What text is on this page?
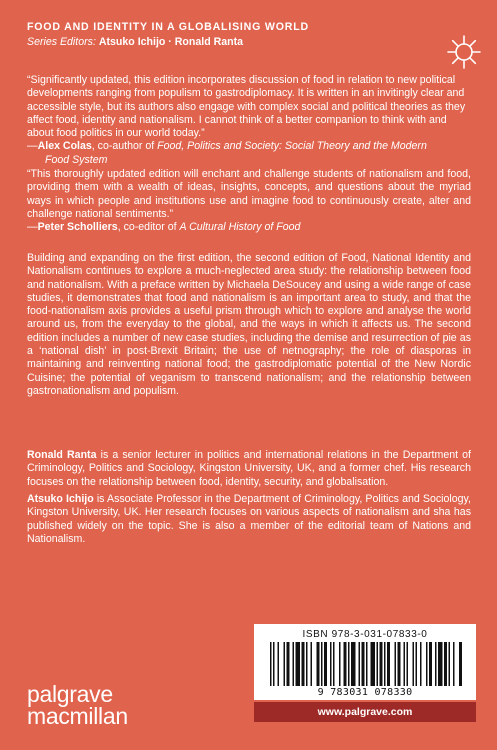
FOOD AND IDENTITY IN A GLOBALISING WORLD
Series Editors: Atsuko Ichijo · Ronald Ranta
“Significantly updated, this edition incorporates discussion of food in relation to new political developments ranging from populism to gastrodiplomacy. It is written in an invitingly clear and accessible style, but its authors also engage with complex social and political theories as they affect food, identity and nationalism. I cannot think of a better companion to think with and about food politics in our world today.”
—Alex Colas, co-author of Food, Politics and Society: Social Theory and the Modern
Food System
“This thoroughly updated edition will enchant and challenge students of nationalism and food, providing them with a wealth of ideas, insights, concepts, and questions about the myriad ways in which people and institutions use and imagine food to continuously create, alter and challenge national sentiments.”
—Peter Scholliers, co-editor of A Cultural History of Food
Building and expanding on the first edition, the second edition of Food, National Identity and Nationalism continues to explore a much-neglected area study: the relationship between food and nationalism. With a preface written by Michaela DeSoucey and using a wide range of case studies, it demonstrates that food and nationalism is an important area to study, and that the food-nationalism axis provides a useful prism through which to explore and analyse the world around us, from the everyday to the global, and the ways in which it affects us. The second edition includes a number of new case studies, including the demise and resurrection of pie as a ‘national dish’ in post-Brexit Britain; the use of netnography; the role of diasporas in maintaining and reinventing national food; the gastrodiplomatic potential of the New Nordic Cuisine; the potential of veganism to transcend nationalism; and the relationship between gastronationalism and populism.
Ronald Ranta is a senior lecturer in politics and international relations in the Department of Criminology, Politics and Sociology, Kingston University, UK, and a former chef. His research focuses on the relationship between food, identity, security, and globalisation.
Atsuko Ichijo is Associate Professor in the Department of Criminology, Politics and Sociology, Kingston University, UK. Her research focuses on various aspects of nationalism and sha has published widely on the topic. She is also a member of the editorial team of Nations and Nationalism.
ISBN 978-3-031-07833-0
9 783031 078330
www.palgrave.com
palgrave
macmillan
